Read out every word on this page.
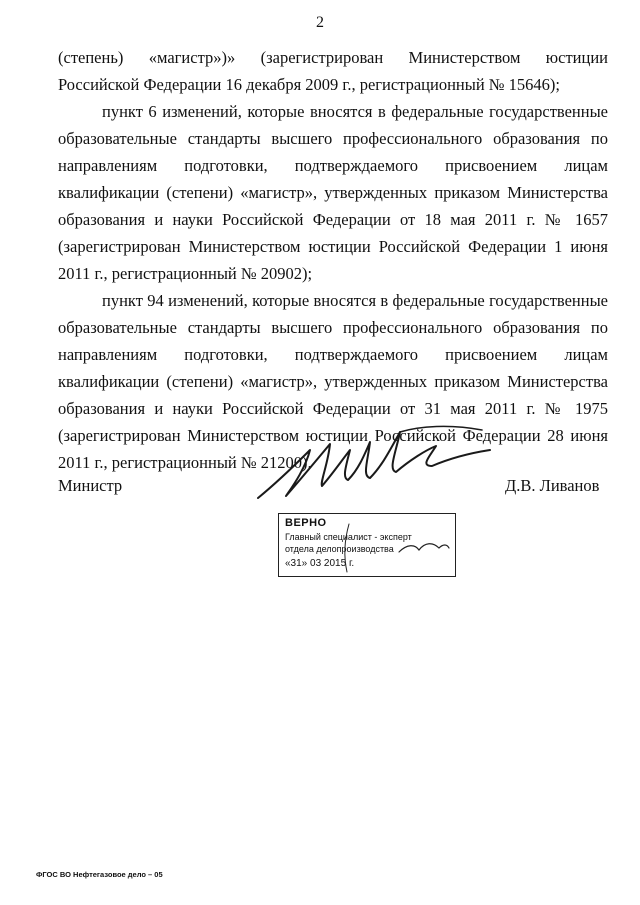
2

(степень) «магистр»)» (зарегистрирован Министерством юстиции Российской Федерации 16 декабря 2009 г., регистрационный № 15646);

пункт 6 изменений, которые вносятся в федеральные государственные образовательные стандарты высшего профессионального образования по направлениям подготовки, подтверждаемого присвоением лицам квалификации (степени) «магистр», утвержденных приказом Министерства образования и науки Российской Федерации от 18 мая 2011 г. № 1657 (зарегистрирован Министерством юстиции Российской Федерации 1 июня 2011 г., регистрационный № 20902);

пункт 94 изменений, которые вносятся в федеральные государственные образовательные стандарты высшего профессионального образования по направлениям подготовки, подтверждаемого присвоением лицам квалификации (степени) «магистр», утвержденных приказом Министерства образования и науки Российской Федерации от 31 мая 2011 г. № 1975 (зарегистрирован Министерством юстиции Российской Федерации 28 июня 2011 г., регистрационный № 21200).

Министр	Д.В. Ливанов
ВЕРНО
Главный специалист - эксперт
отдела делопроизводства
«31» 03 2015 г.
ФГОС ВО Нефтегазовое дело – 05
